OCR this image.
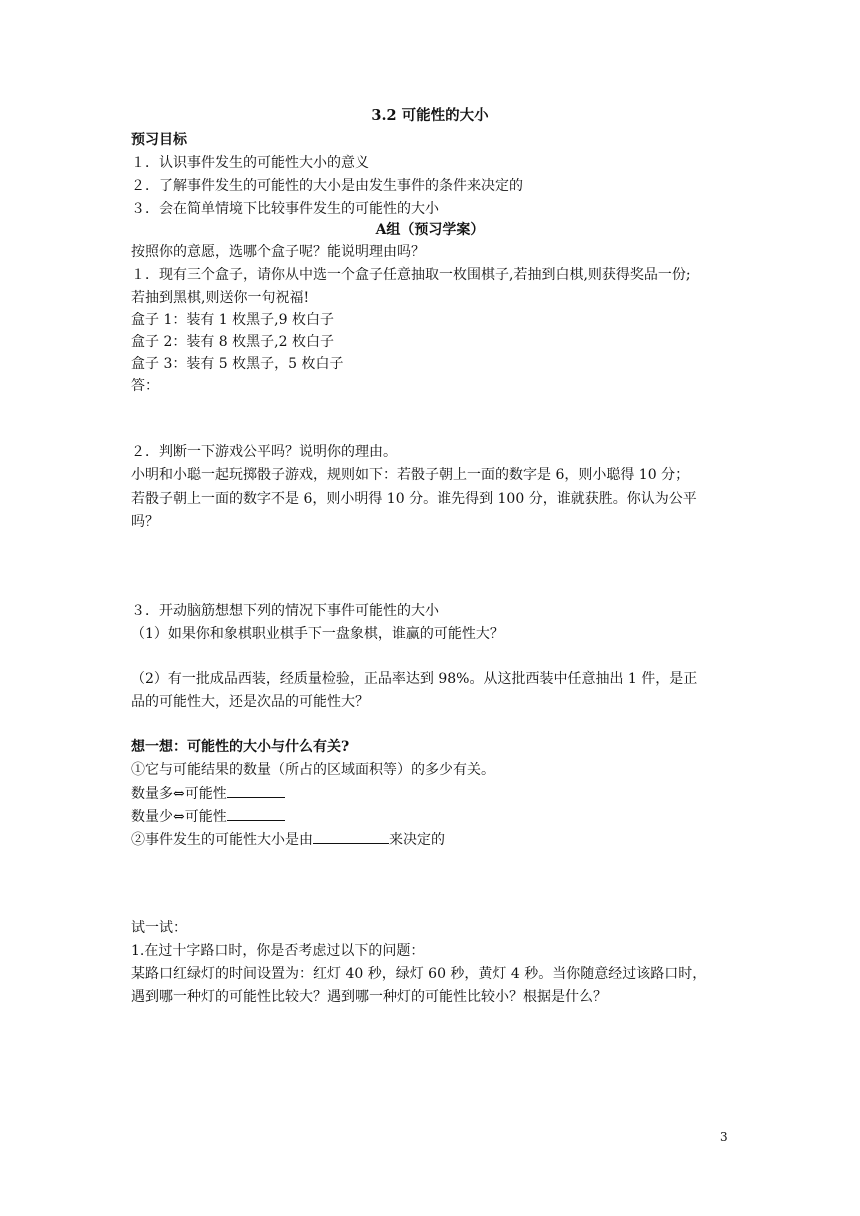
3.2 可能性的大小
预习目标
１．认识事件发生的可能性大小的意义
２．了解事件发生的可能性的大小是由发生事件的条件来决定的
３．会在简单情境下比较事件发生的可能性的大小
A组（预习学案）
按照你的意愿，选哪个盒子呢？能说明理由吗？
１．现有三个盒子，请你从中选一个盒子任意抽取一枚围棋子,若抽到白棋,则获得奖品一份;
若抽到黑棋,则送你一句祝福!
盒子 1：装有 1 枚黑子,9 枚白子
盒子 2：装有 8 枚黑子,2 枚白子
盒子 3：装有 5 枚黑子，5 枚白子
答：
２．判断一下游戏公平吗？说明你的理由。
小明和小聪一起玩掷骰子游戏，规则如下：若骰子朝上一面的数字是 6，则小聪得 10 分；
若骰子朝上一面的数字不是 6，则小明得 10 分。谁先得到 100 分，谁就获胜。你认为公平
吗？
３．开动脑筋想想下列的情况下事件可能性的大小
（1）如果你和象棋职业棋手下一盘象棋，谁赢的可能性大？
（2）有一批成品西装，经质量检验，正品率达到 98%。从这批西装中任意抽出 1 件，是正
品的可能性大，还是次品的可能性大？
想一想：可能性的大小与什么有关?
①它与可能结果的数量（所占的区域面积等）的多少有关。
数量多⇔可能性
数量少⇔可能性
②事件发生的可能性大小是由	来决定的
试一试：
1.在过十字路口时，你是否考虑过以下的问题：
某路口红绿灯的时间设置为：红灯 40 秒，绿灯 60 秒，黄灯 4 秒。当你随意经过该路口时，
遇到哪一种灯的可能性比较大？遇到哪一种灯的可能性比较小？根据是什么？
3
